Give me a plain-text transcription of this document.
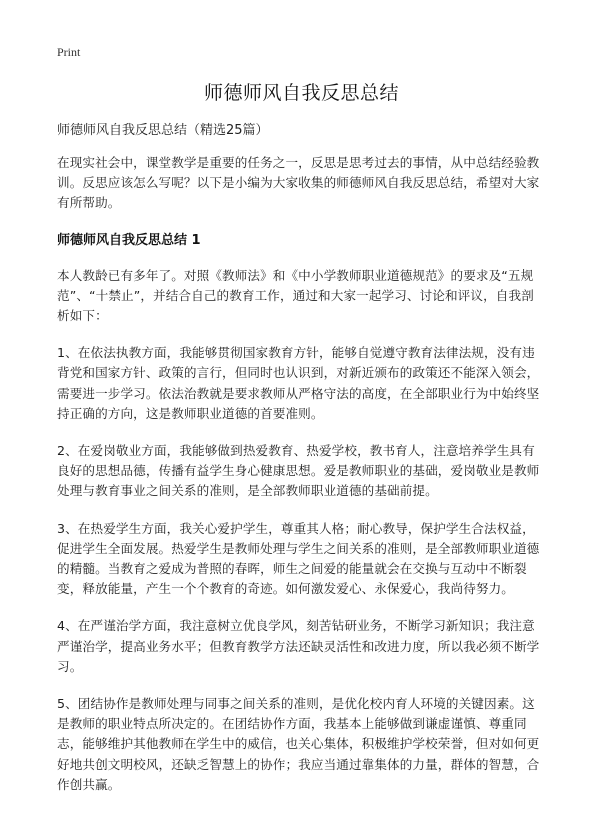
Print
师德师风自我反思总结

师德师风自我反思总结（精选25篇）

在现实社会中，课堂教学是重要的任务之一，反思是思考过去的事情，从中总结经验教训。反思应该怎么写呢？以下是小编为大家收集的师德师风自我反思总结，希望对大家有所帮助。

师德师风自我反思总结 1

本人教龄已有多年了。对照《教师法》和《中小学教师职业道德规范》的要求及“五规范”、“十禁止”，并结合自己的教育工作，通过和大家一起学习、讨论和评议，自我剖析如下：

1、在依法执教方面，我能够贯彻国家教育方针，能够自觉遵守教育法律法规，没有违背党和国家方针、政策的言行，但同时也认识到，对新近颁布的政策还不能深入领会，需要进一步学习。依法治教就是要求教师从严格守法的高度，在全部职业行为中始终坚持正确的方向，这是教师职业道德的首要准则。

2、在爱岗敬业方面，我能够做到热爱教育、热爱学校，教书育人，注意培养学生具有良好的思想品德，传播有益学生身心健康思想。爱是教师职业的基础，爱岗敬业是教师处理与教育事业之间关系的准则，是全部教师职业道德的基础前提。

3、在热爱学生方面，我关心爱护学生，尊重其人格；耐心教导，保护学生合法权益，促进学生全面发展。热爱学生是教师处理与学生之间关系的准则，是全部教师职业道德的精髓。当教育之爱成为普照的春晖，师生之间爱的能量就会在交换与互动中不断裂变，释放能量，产生一个个教育的奇迹。如何激发爱心、永保爱心，我尚待努力。

4、在严谨治学方面，我注意树立优良学风，刻苦钻研业务，不断学习新知识；我注意严谨治学，提高业务水平；但教育教学方法还缺灵活性和改进力度，所以我必须不断学习。

5、团结协作是教师处理与同事之间关系的准则，是优化校内育人环境的关键因素。这是教师的职业特点所决定的。在团结协作方面，我基本上能够做到谦虚谨慎、尊重同志，能够维护其他教师在学生中的威信，也关心集体，积极维护学校荣誉，但对如何更好地共创文明校风，还缺乏智慧上的协作；我应当通过靠集体的力量，群体的智慧，合作创共赢。
